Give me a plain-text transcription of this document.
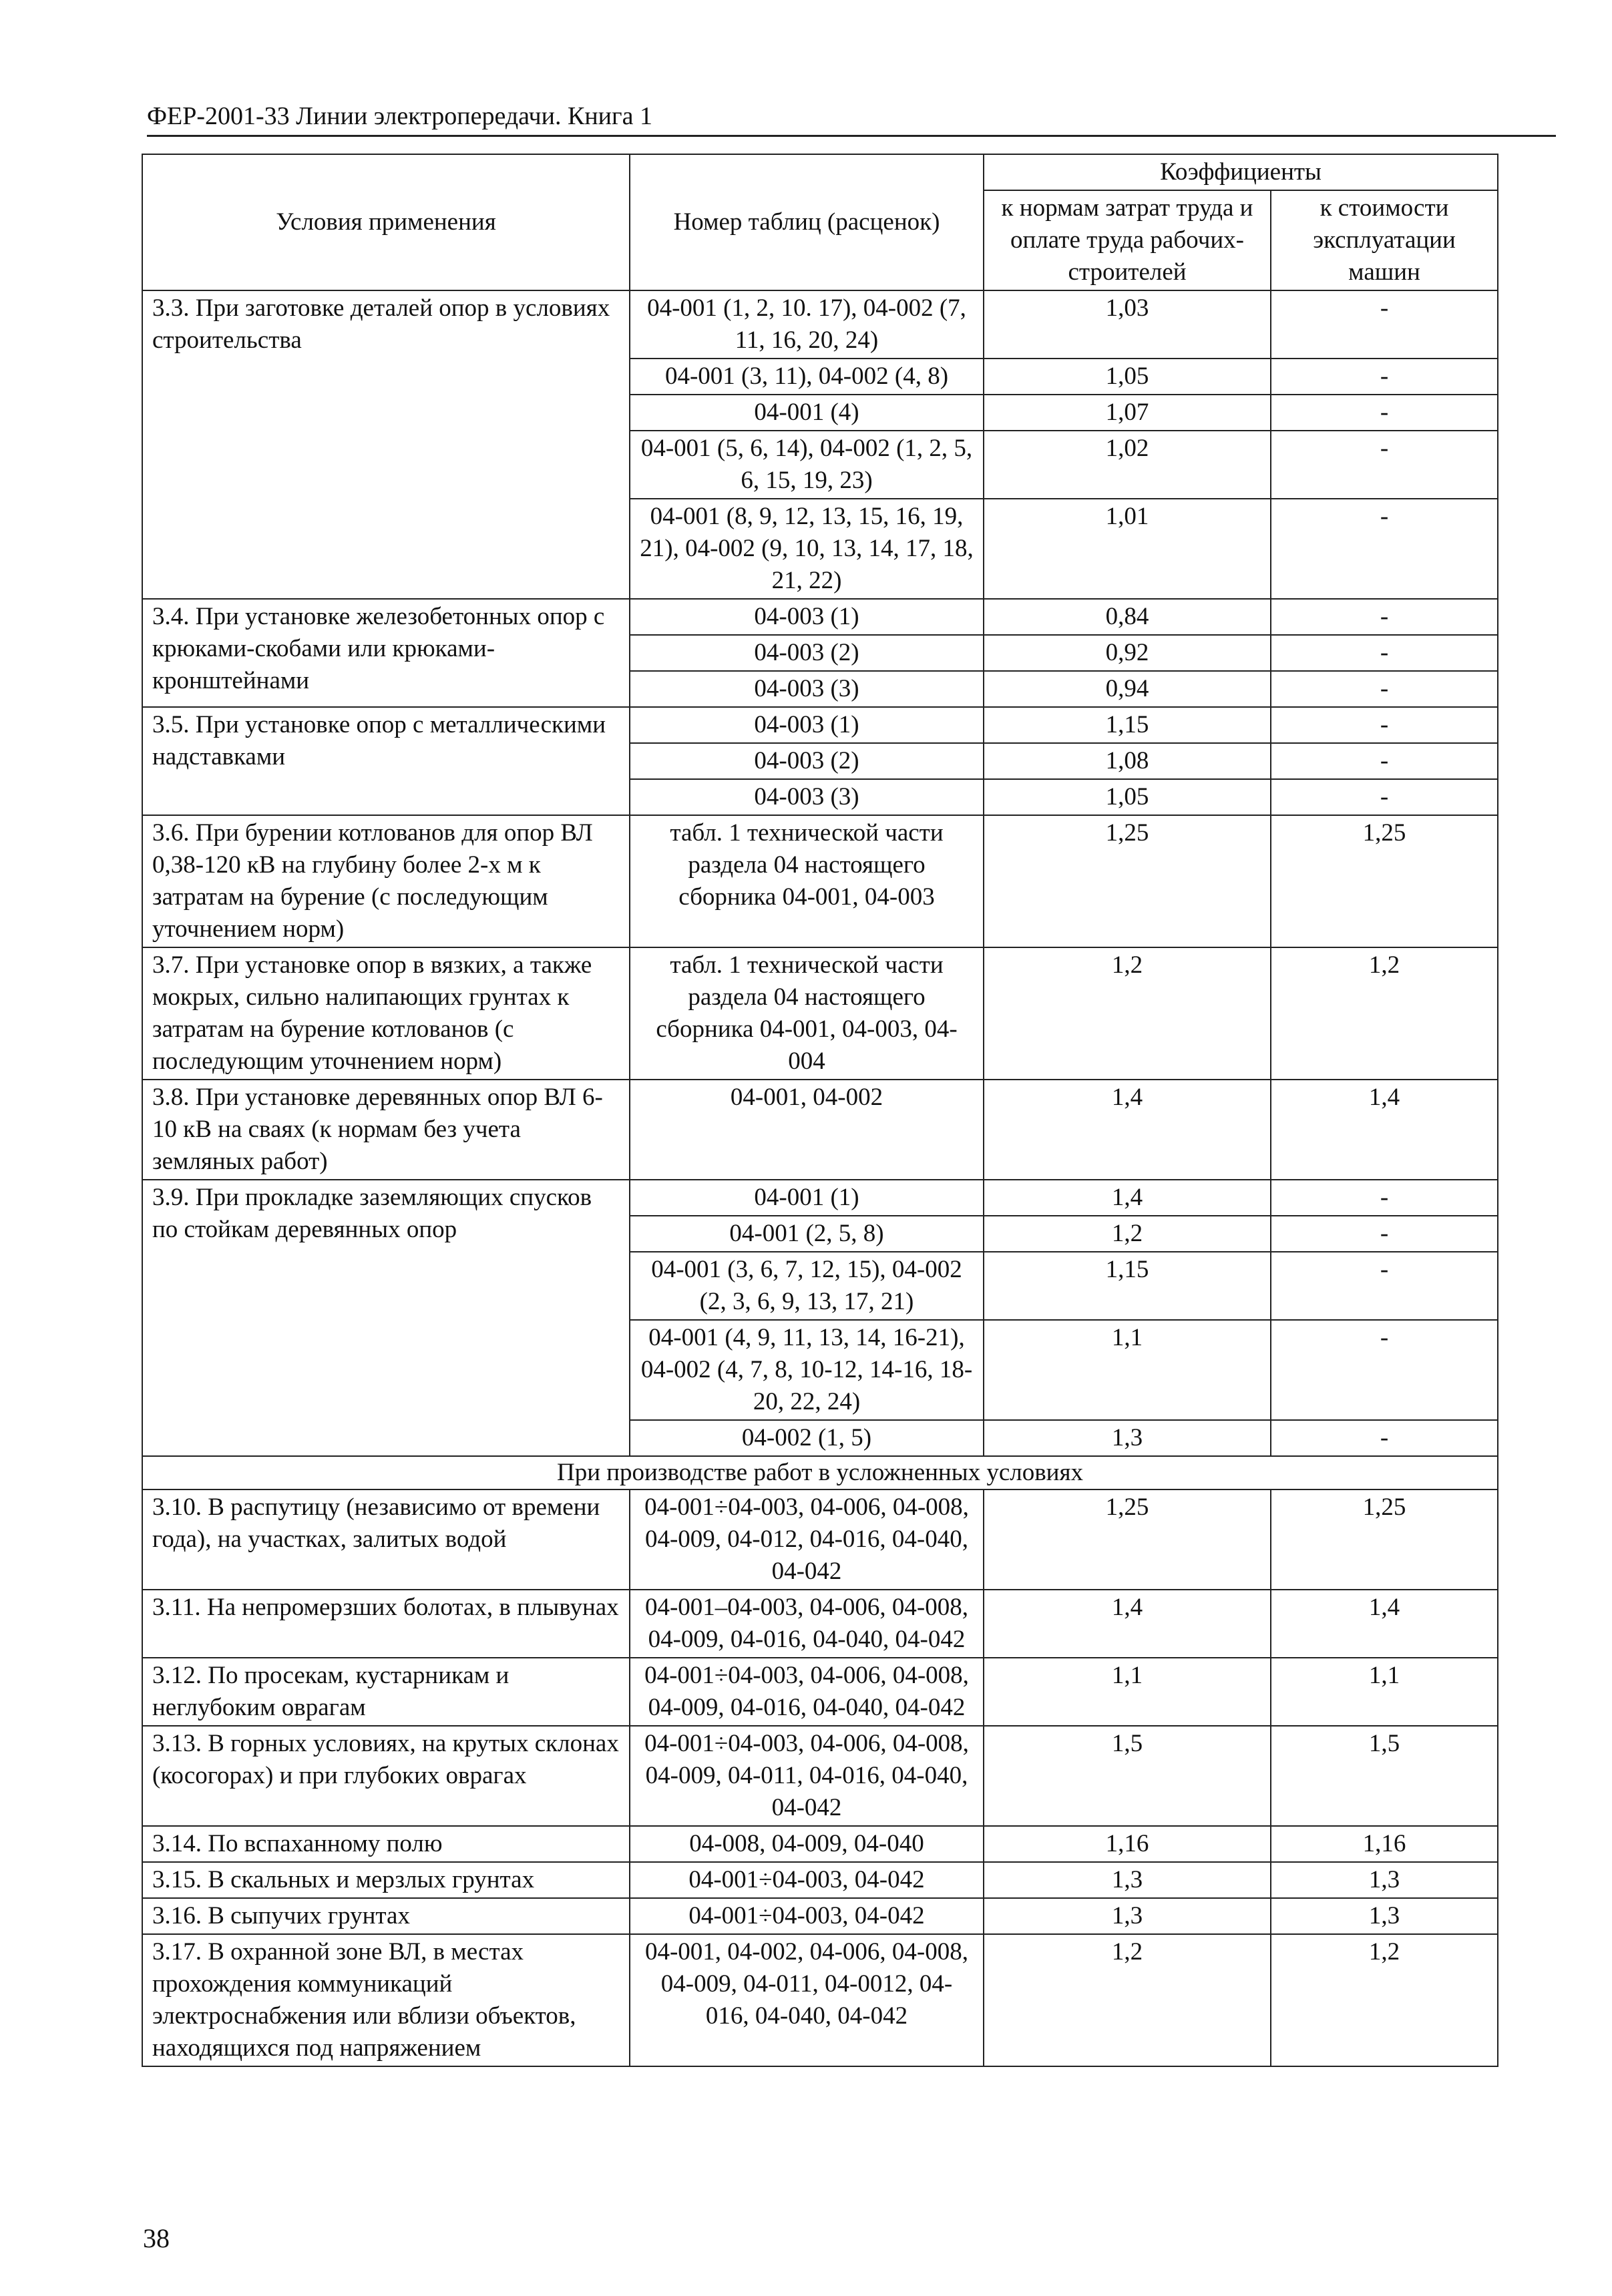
ФЕР-2001-33 Линии электропередачи. Книга 1
Условия применения	Номер таблиц (расценок)	Коэффициенты	
		к нормам затрат труда и оплате труда рабочих-строителей	к стоимости эксплуатации машин
3.3. При заготовке деталей опор в условиях строительства	04-001 (1, 2, 10. 17), 04-002 (7, 11, 16, 20, 24)	1,03	-
	04-001 (3, 11), 04-002 (4, 8)	1,05	-
	04-001 (4)	1,07	-
	04-001 (5, 6, 14), 04-002 (1, 2, 5, 6, 15, 19, 23)	1,02	-
	04-001 (8, 9, 12, 13, 15, 16, 19, 21), 04-002 (9, 10, 13, 14, 17, 18, 21, 22)	1,01	-
3.4. При установке железобетонных опор с крюками-скобами или крюками-кронштейнами	04-003 (1)	0,84	-
	04-003 (2)	0,92	-
	04-003 (3)	0,94	-
3.5. При установке опор с металлическими надставками	04-003 (1)	1,15	-
	04-003 (2)	1,08	-
	04-003 (3)	1,05	-
3.6. При бурении котлованов для опор ВЛ 0,38-120 кВ на глубину более 2-х м к затратам на бурение (с последующим уточнением норм)	табл. 1 технической части раздела 04 настоящего сборника 04-001, 04-003	1,25	1,25
3.7. При установке опор в вязких, а также мокрых, сильно налипающих грунтах к затратам на бурение котлованов (с последующим уточнением норм)	табл. 1 технической части раздела 04 настоящего сборника 04-001, 04-003, 04-004	1,2	1,2
3.8. При установке деревянных опор ВЛ 6-10 кВ на сваях (к нормам без учета земляных работ)	04-001, 04-002	1,4	1,4
3.9. При прокладке заземляющих спусков по стойкам деревянных опор	04-001 (1)	1,4	-
	04-001 (2, 5, 8)	1,2	-
	04-001 (3, 6, 7, 12, 15), 04-002 (2, 3, 6, 9, 13, 17, 21)	1,15	-
	04-001 (4, 9, 11, 13, 14, 16-21), 04-002 (4, 7, 8, 10-12, 14-16, 18-20, 22, 24)	1,1	-
	04-002 (1, 5)	1,3	-
При производстве работ в усложненных условиях			
3.10. В распутицу (независимо от времени года), на участках, залитых водой	04-001÷04-003, 04-006, 04-008, 04-009, 04-012, 04-016, 04-040, 04-042	1,25	1,25
3.11. На непромерзших болотах, в плывунах	04-001–04-003, 04-006, 04-008, 04-009, 04-016, 04-040, 04-042	1,4	1,4
3.12. По просекам, кустарникам и неглубоким оврагам	04-001÷04-003, 04-006, 04-008, 04-009, 04-016, 04-040, 04-042	1,1	1,1
3.13. В горных условиях, на крутых склонах (косогорах) и при глубоких оврагах	04-001÷04-003, 04-006, 04-008, 04-009, 04-011, 04-016, 04-040, 04-042	1,5	1,5
3.14. По вспаханному полю	04-008, 04-009, 04-040	1,16	1,16
3.15. В скальных и мерзлых грунтах	04-001÷04-003, 04-042	1,3	1,3
3.16. В сыпучих грунтах	04-001÷04-003, 04-042	1,3	1,3
3.17. В охранной зоне ВЛ, в местах прохождения коммуникаций электроснабжения или вблизи объектов, находящихся под напряжением	04-001, 04-002, 04-006, 04-008, 04-009, 04-011, 04-0012, 04-016, 04-040, 04-042	1,2	1,2
38
